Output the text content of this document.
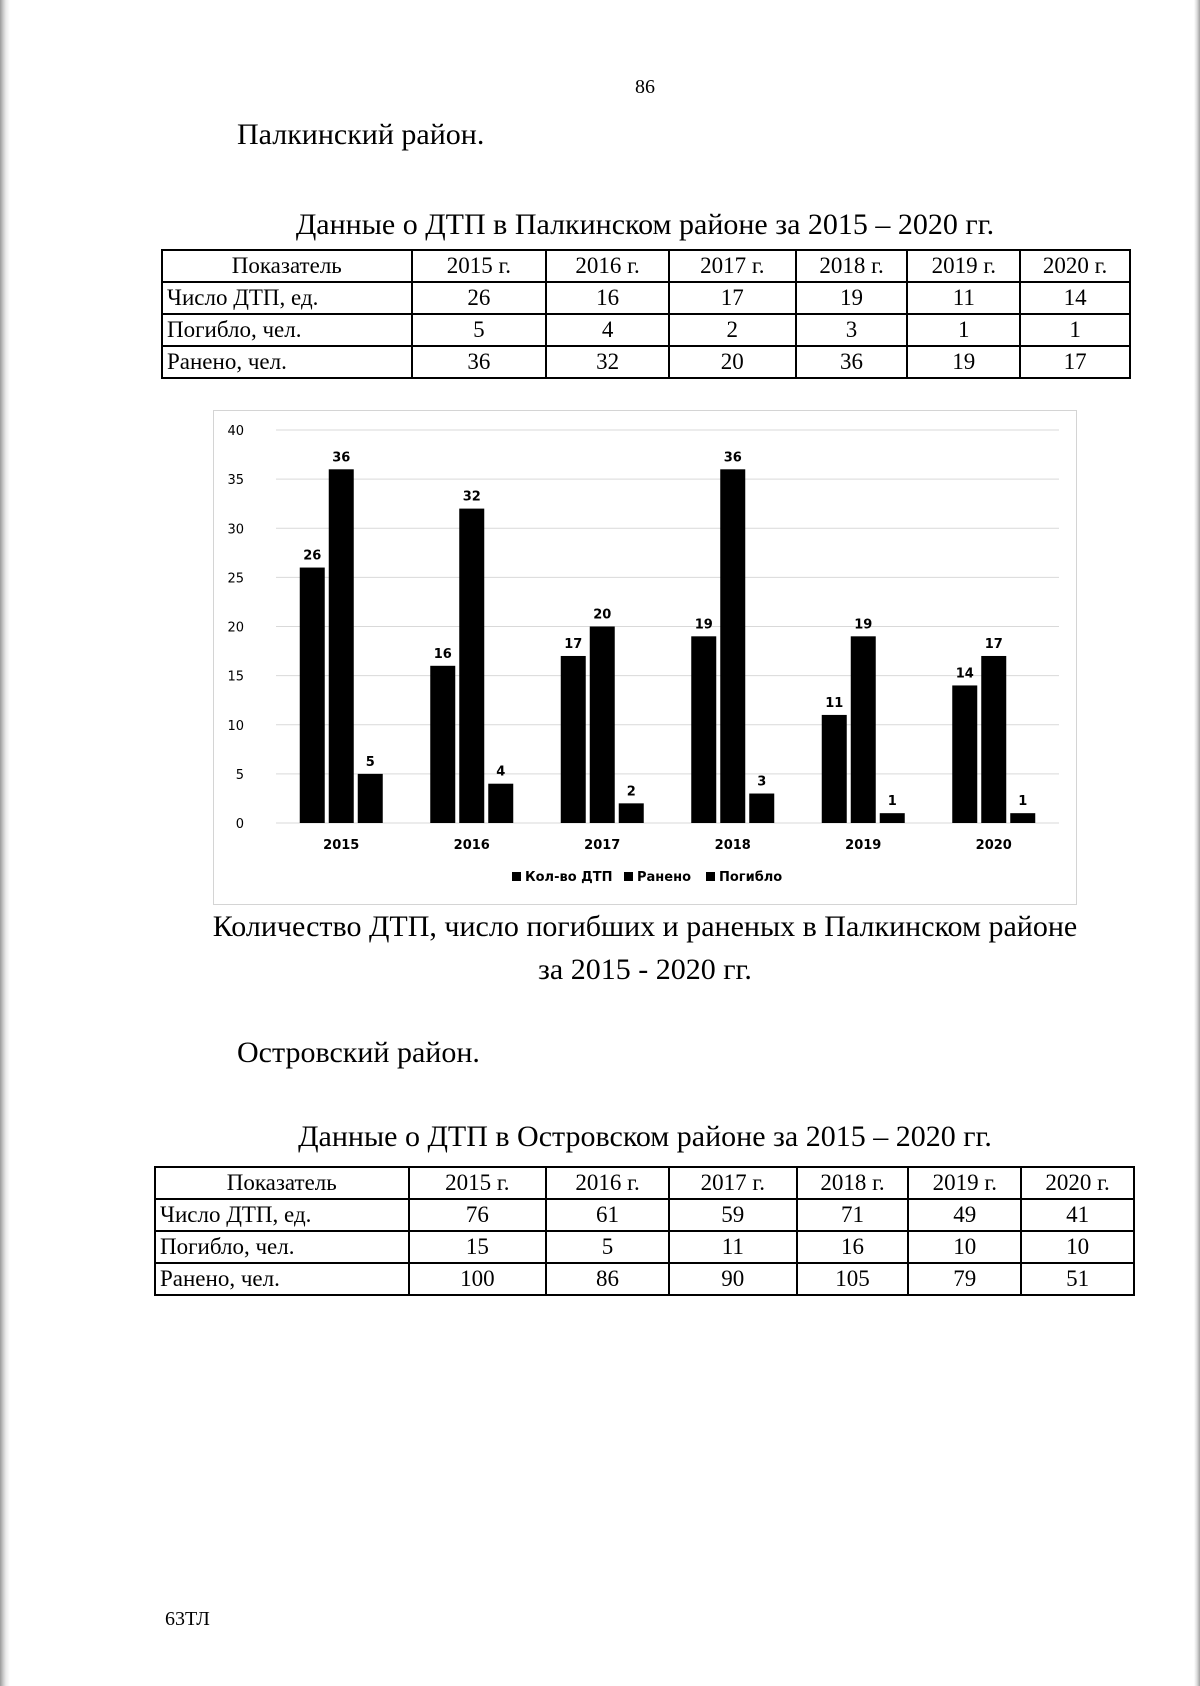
86
Палкинский район.
Данные о ДТП в Палкинском районе за 2015 – 2020 гг.
Показатель	2015 г.	2016 г.	2017 г.	2018 г.	2019 г.	2020 г.
Число ДТП, ед.	26	16	17	19	11	14
Погибло, чел.	5	4	2	3	1	1
Ранено, чел.	36	32	20	36	19	17
0
5
10
15
20
25
30
35
40
26
36
5
2015
16
32
4
2016
17
20
2
2017
19
36
3
2018
11
19
1
2019
14
17
1
2020
Кол-во ДТП Ранено Погибло
Количество ДТП, число погибших и раненых в Палкинском районе
за 2015 - 2020 гг.
Островский район.
Данные о ДТП в Островском районе за 2015 – 2020 гг.
Показатель	2015 г.	2016 г.	2017 г.	2018 г.	2019 г.	2020 г.
Число ДТП, ед.	76	61	59	71	49	41
Погибло, чел.	15	5	11	16	10	10
Ранено, чел.	100	86	90	105	79	51
63ТЛ
